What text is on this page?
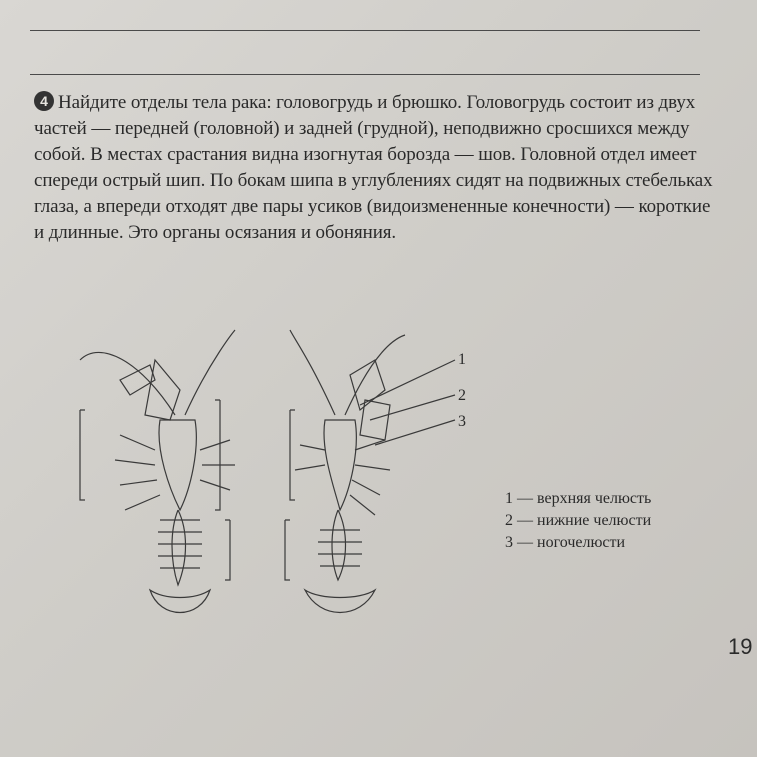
4 Найдите отделы тела рака: головогрудь и брюшко. Головогрудь состоит из двух частей — передней (головной) и задней (грудной), неподвижно сросшихся между собой. В местах срастания видна изогнутая борозда — шов. Головной отдел имеет спереди острый шип. По бокам шипа в углублениях сидят на подвижных стебельках глаза, а впереди отходят две пары усиков (видоизмененные конечности) — короткие и длинные. Это органы осязания и обоняния.
1
2
3
1 — верхняя челюсть
2 — нижние челюсти
3 — ногочелюсти
19
